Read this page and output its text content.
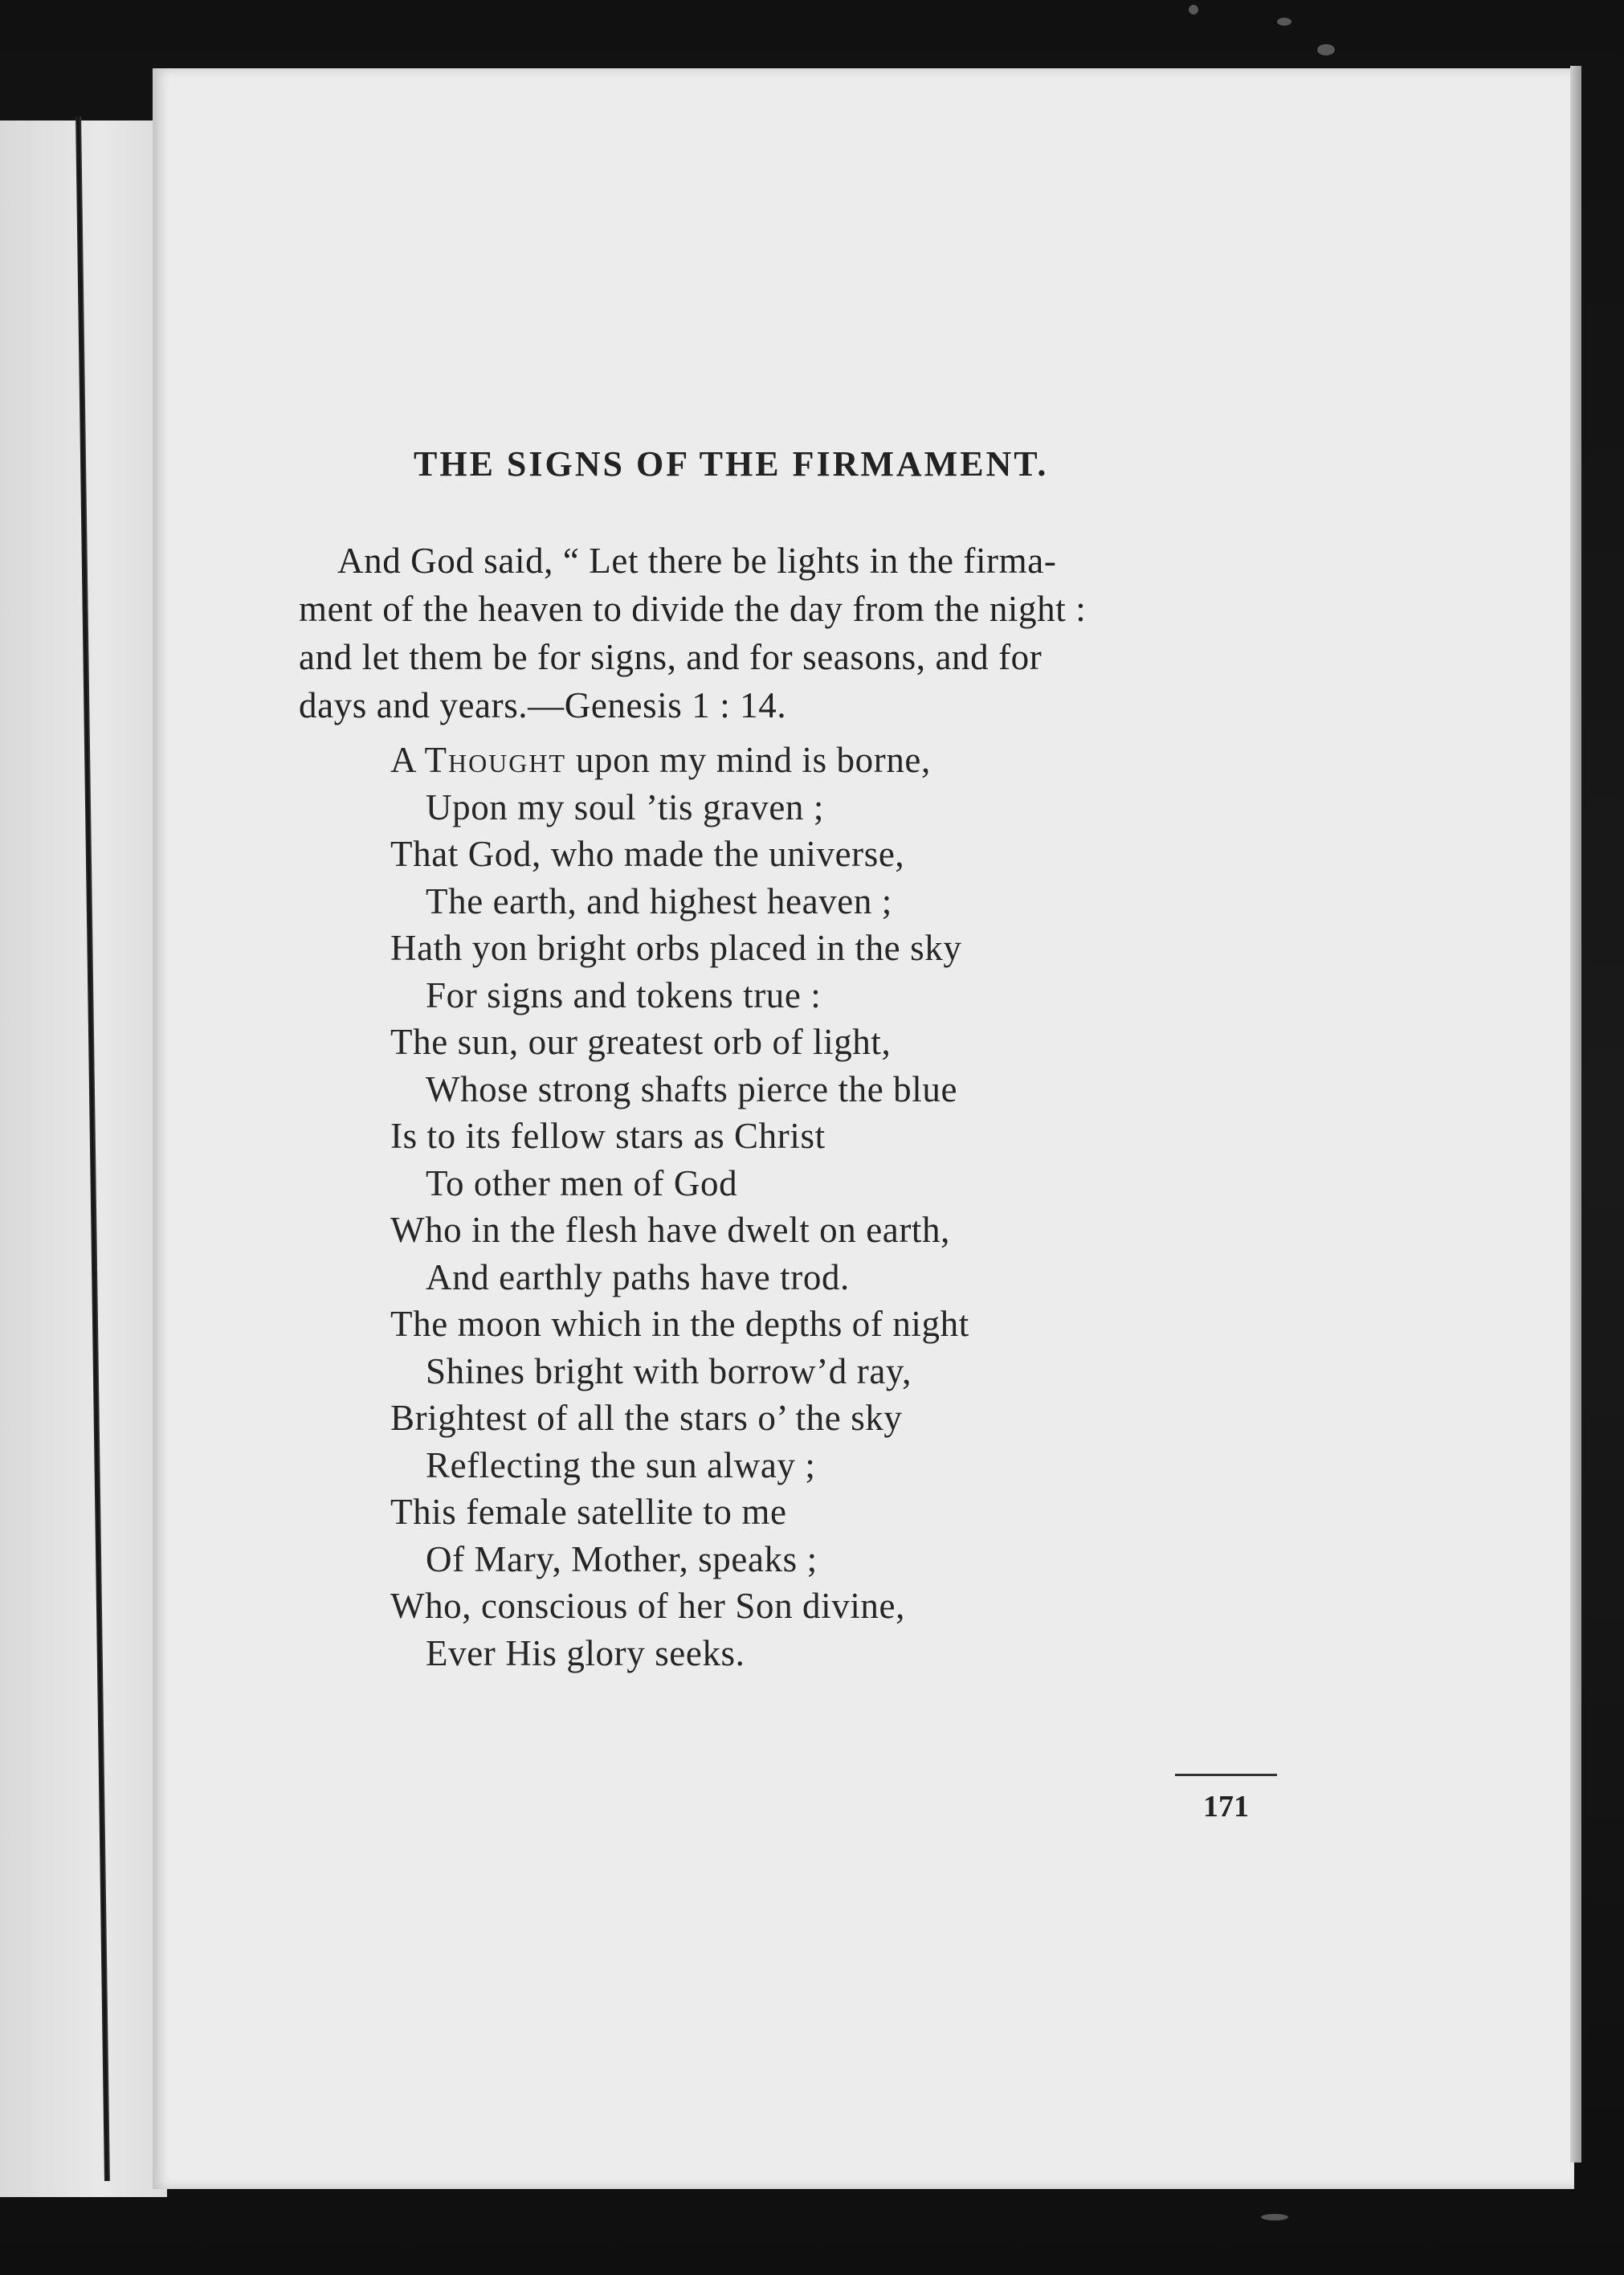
THE SIGNS OF THE FIRMAMENT.
And God said, “ Let there be lights in the firma-
ment of the heaven to divide the day from the night :
and let them be for signs, and for seasons, and for
days and years.—Genesis 1 : 14.
A Thought upon my mind is borne,
Upon my soul ’tis graven ;
That God, who made the universe,
The earth, and highest heaven ;
Hath yon bright orbs placed in the sky
For signs and tokens true :
The sun, our greatest orb of light,
Whose strong shafts pierce the blue
Is to its fellow stars as Christ
To other men of God
Who in the flesh have dwelt on earth,
And earthly paths have trod.
The moon which in the depths of night
Shines bright with borrow’d ray,
Brightest of all the stars o’ the sky
Reflecting the sun alway ;
This female satellite to me
Of Mary, Mother, speaks ;
Who, conscious of her Son divine,
Ever His glory seeks.
171
